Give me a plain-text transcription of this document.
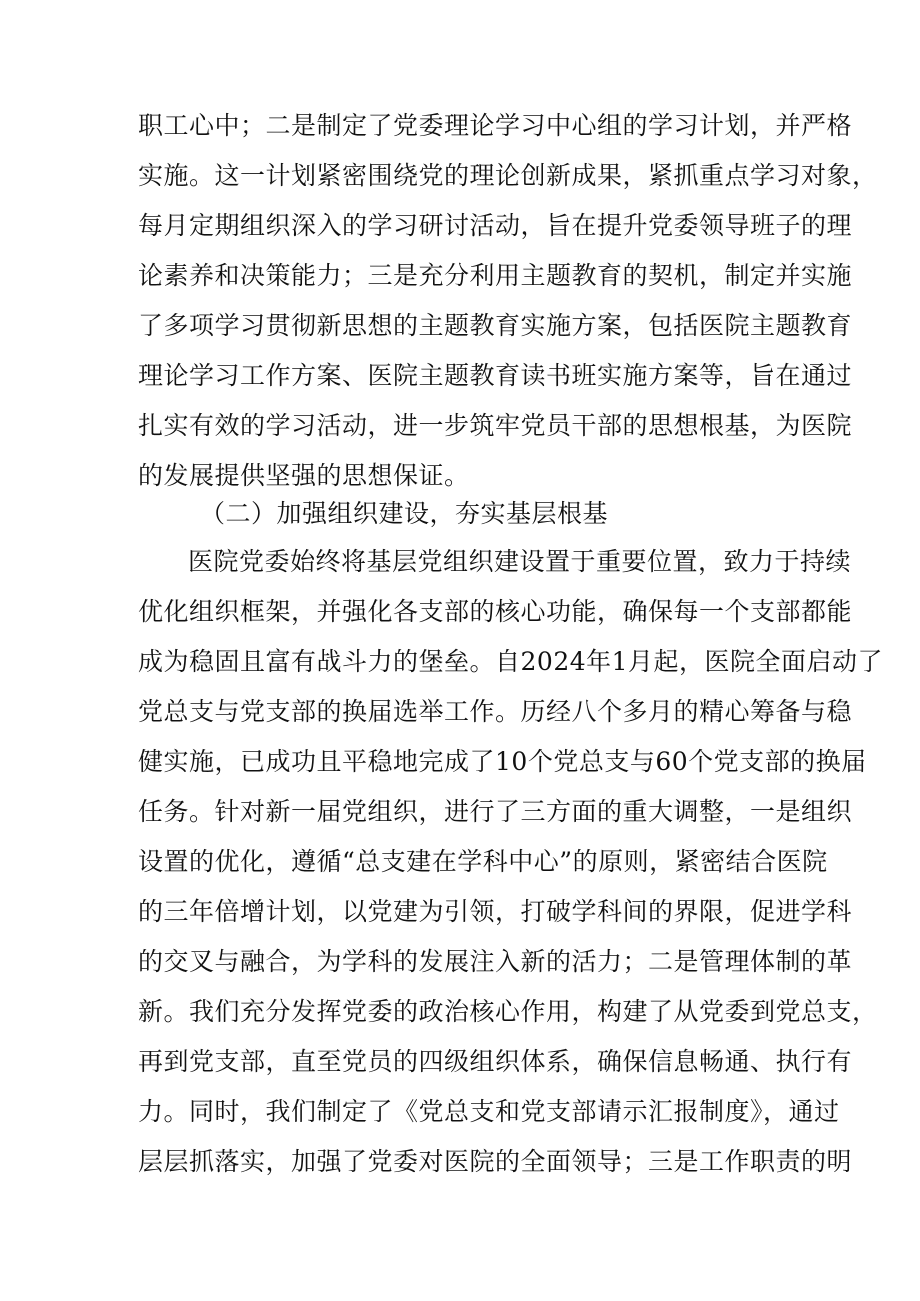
职工心中；二是制定了党委理论学习中心组的学习计划，并严格
实施。这一计划紧密围绕党的理论创新成果，紧抓重点学习对象，
每月定期组织深入的学习研讨活动，旨在提升党委领导班子的理
论素养和决策能力；三是充分利用主题教育的契机，制定并实施
了多项学习贯彻新思想的主题教育实施方案，包括医院主题教育
理论学习工作方案、医院主题教育读书班实施方案等，旨在通过
扎实有效的学习活动，进一步筑牢党员干部的思想根基，为医院
的发展提供坚强的思想保证。
（二）加强组织建设，夯实基层根基
医院党委始终将基层党组织建设置于重要位置，致力于持续
优化组织框架，并强化各支部的核心功能，确保每一个支部都能
成为稳固且富有战斗力的堡垒。自2024年1月起，医院全面启动了
党总支与党支部的换届选举工作。历经八个多月的精心筹备与稳
健实施，已成功且平稳地完成了10个党总支与60个党支部的换届
任务。针对新一届党组织，进行了三方面的重大调整，一是组织
设置的优化，遵循“总支建在学科中心”的原则，紧密结合医院
的三年倍增计划，以党建为引领，打破学科间的界限，促进学科
的交叉与融合，为学科的发展注入新的活力；二是管理体制的革
新。我们充分发挥党委的政治核心作用，构建了从党委到党总支，
再到党支部，直至党员的四级组织体系，确保信息畅通、执行有
力。同时，我们制定了《党总支和党支部请示汇报制度》，通过
层层抓落实，加强了党委对医院的全面领导；三是工作职责的明
